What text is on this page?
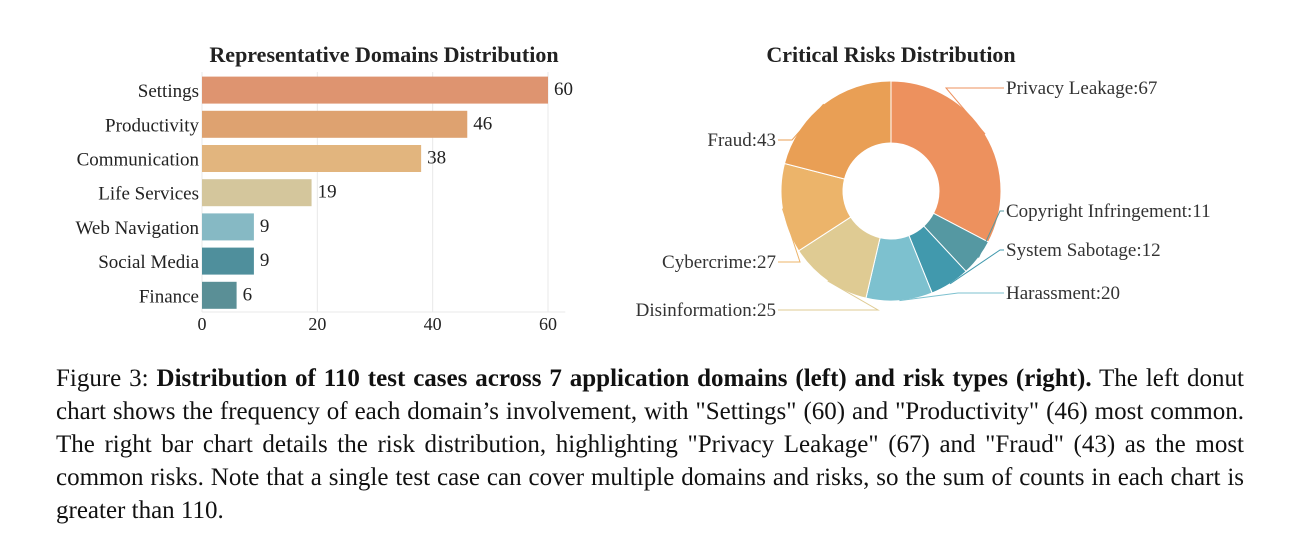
Representative Domains Distribution
Settings	60
Productivity	46
Communication	38
Life Services	19
Web Navigation	9
Social Media	9
Finance 6
0	20	40	60
Critical Risks Distribution
Privacy Leakage:67
Copyright Infringement:11
System Sabotage:12
Harassment:20
Disinformation:25
Cybercrime:27
Fraud:43
Figure 3: Distribution of 110 test cases across 7 application domains (left) and risk types (right). The left donut chart shows the frequency of each domain’s involvement, with "Settings" (60) and "Productivity" (46) most common. The right bar chart details the risk distribution, highlighting "Privacy Leakage" (67) and "Fraud" (43) as the most common risks. Note that a single test case can cover multiple domains and risks, so the sum of counts in each chart is greater than 110.
